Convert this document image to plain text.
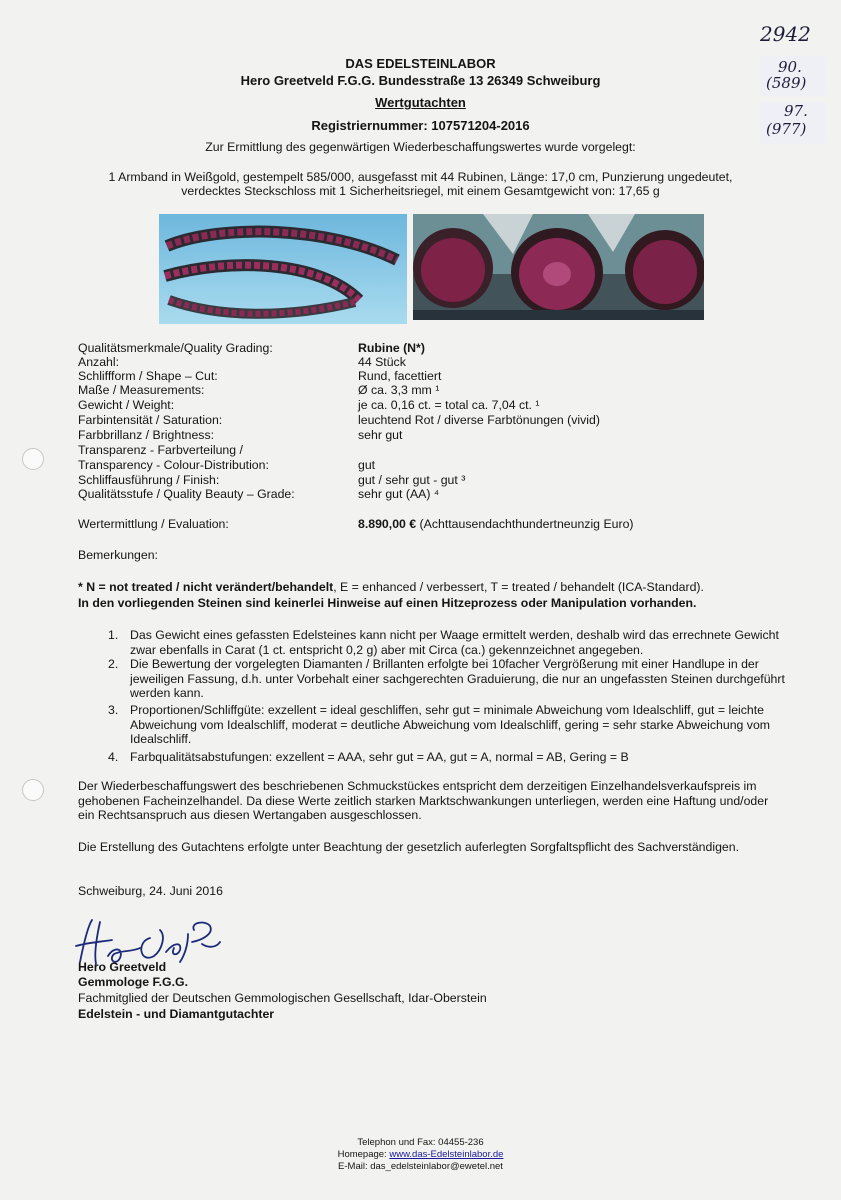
2942
90.
(589)
97.
(977)
DAS EDELSTEINLABOR
Hero Greetveld F.G.G. Bundesstraße 13 26349 Schweiburg
Wertgutachten
Registriernummer: 107571204-2016
Zur Ermittlung des gegenwärtigen Wiederbeschaffungswertes wurde vorgelegt:
1 Armband in Weißgold, gestempelt 585/000, ausgefasst mit 44 Rubinen, Länge: 17,0 cm, Punzierung ungedeutet,
verdecktes Steckschloss mit 1 Sicherheitsriegel, mit einem Gesamtgewicht von: 17,65 g
Qualitätsmerkmale/Quality Grading:	Rubine (N*)
Anzahl:	44 Stück
Schliffform / Shape – Cut:	Rund, facettiert
Maße / Measurements:	Ø ca. 3,3 mm ¹
Gewicht / Weight:	je ca. 0,16 ct. = total ca. 7,04 ct. ¹
Farbintensität / Saturation:	leuchtend Rot / diverse Farbtönungen (vivid)
Farbbrillanz / Brightness:	sehr gut
Transparenz - Farbverteilung /
Transparency - Colour-Distribution:	gut
Schliffausführung / Finish:	gut / sehr gut - gut ³
Qualitätsstufe / Quality Beauty – Grade:	sehr gut (AA) ⁴
Wertermittlung / Evaluation:	8.890,00 € (Achttausendachthundertneunzig Euro)
Bemerkungen:
* N = not treated / nicht verändert/behandelt, E = enhanced / verbessert, T = treated / behandelt (ICA-Standard).
In den vorliegenden Steinen sind keinerlei Hinweise auf einen Hitzeprozess oder Manipulation vorhanden.
1. Das Gewicht eines gefassten Edelsteines kann nicht per Waage ermittelt werden, deshalb wird das errechnete Gewicht zwar ebenfalls in Carat (1 ct. entspricht 0,2 g) aber mit Circa (ca.) gekennzeichnet angegeben.
2. Die Bewertung der vorgelegten Diamanten / Brillanten erfolgte bei 10facher Vergrößerung mit einer Handlupe in der jeweiligen Fassung, d.h. unter Vorbehalt einer sachgerechten Graduierung, die nur an ungefassten Steinen durchgeführt werden kann.
3. Proportionen/Schliffgüte: exzellent = ideal geschliffen, sehr gut = minimale Abweichung vom Idealschliff, gut = leichte Abweichung vom Idealschliff, moderat = deutliche Abweichung vom Idealschliff, gering = sehr starke Abweichung vom Idealschliff.
4. Farbqualitätsabstufungen: exzellent = AAA, sehr gut = AA, gut = A, normal = AB, Gering = B
Der Wiederbeschaffungswert des beschriebenen Schmuckstückes entspricht dem derzeitigen Einzelhandelsverkaufspreis im gehobenen Facheinzelhandel. Da diese Werte zeitlich starken Marktschwankungen unterliegen, werden eine Haftung und/oder ein Rechtsanspruch aus diesen Wertangaben ausgeschlossen.
Die Erstellung des Gutachtens erfolgte unter Beachtung der gesetzlich auferlegten Sorgfaltspflicht des Sachverständigen.
Schweiburg, 24. Juni 2016
Hero Greetveld
Gemmologe F.G.G.
Fachmitglied der Deutschen Gemmologischen Gesellschaft, Idar-Oberstein
Edelstein - und Diamantgutachter
Telephon und Fax: 04455-236
Homepage: www.das-Edelsteinlabor.de
E-Mail: das_edelsteinlabor@ewetel.net
